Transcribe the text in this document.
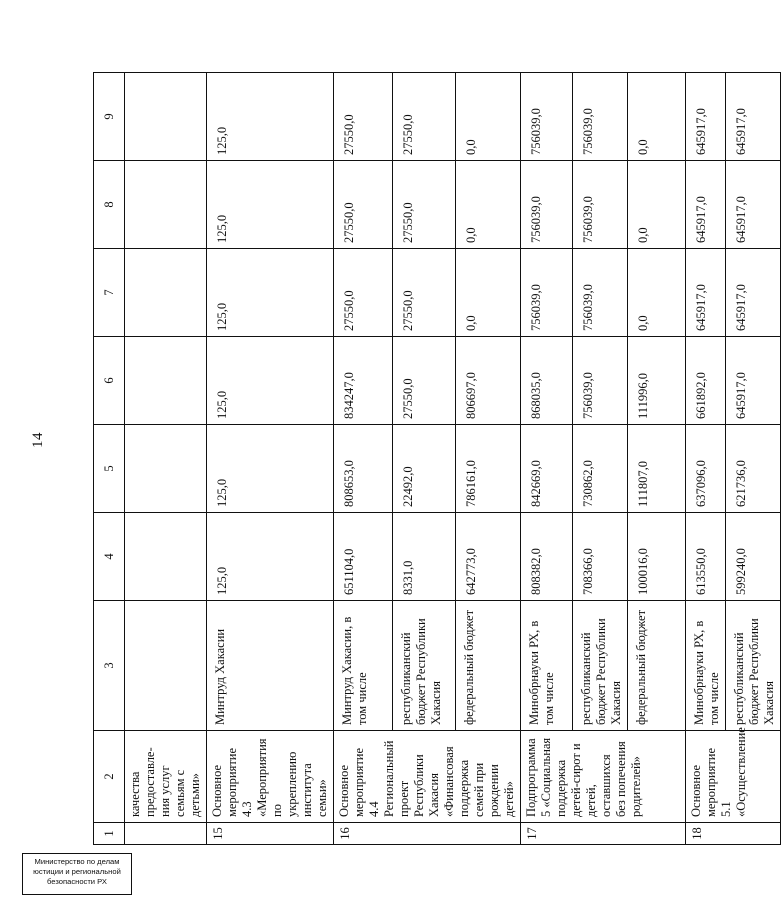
14
1	2	3	4	5	6	7	8	9
	качества предоставле-ния услуг семьям с детьми»							
15	Основное мероприятие 4.3 «Мероприятия по укреплению института семьи»	Минтруд Хакасии	125,0	125,0	125,0	125,0	125,0	125,0
16	Основное мероприятие 4.4 Региональный проект Республики Хакасия «Финансовая поддержка семей при рождении детей»	Минтруд Хакасии, в том числе	651104,0	808653,0	834247,0	27550,0	27550,0	27550,0
		республиканский бюджет Республики Хакасия	8331,0	22492,0	27550,0	27550,0	27550,0	27550,0
		федеральный бюджет	642773,0	786161,0	806697,0	0,0	0,0	0,0
17	Подпрограмма 5 «Социальная поддержка детей-сирот и детей, оставшихся без попечения родителей»	Минобрнауки РХ, в том числе	808382,0	842669,0	868035,0	756039,0	756039,0	756039,0
		республиканский бюджет Республики Хакасия	708366,0	730862,0	756039,0	756039,0	756039,0	756039,0
		федеральный бюджет	100016,0	111807,0	111996,0	0,0	0,0	0,0
18	Основное мероприятие 5.1 «Осуществление	Минобрнауки РХ, в том числе	613550,0	637096,0	661892,0	645917,0	645917,0	645917,0
		республиканский бюджет Республики Хакасия	599240,0	621736,0	645917,0	645917,0	645917,0	645917,0
Министерство по делам
юстиции и региональной
безопасности РХ
